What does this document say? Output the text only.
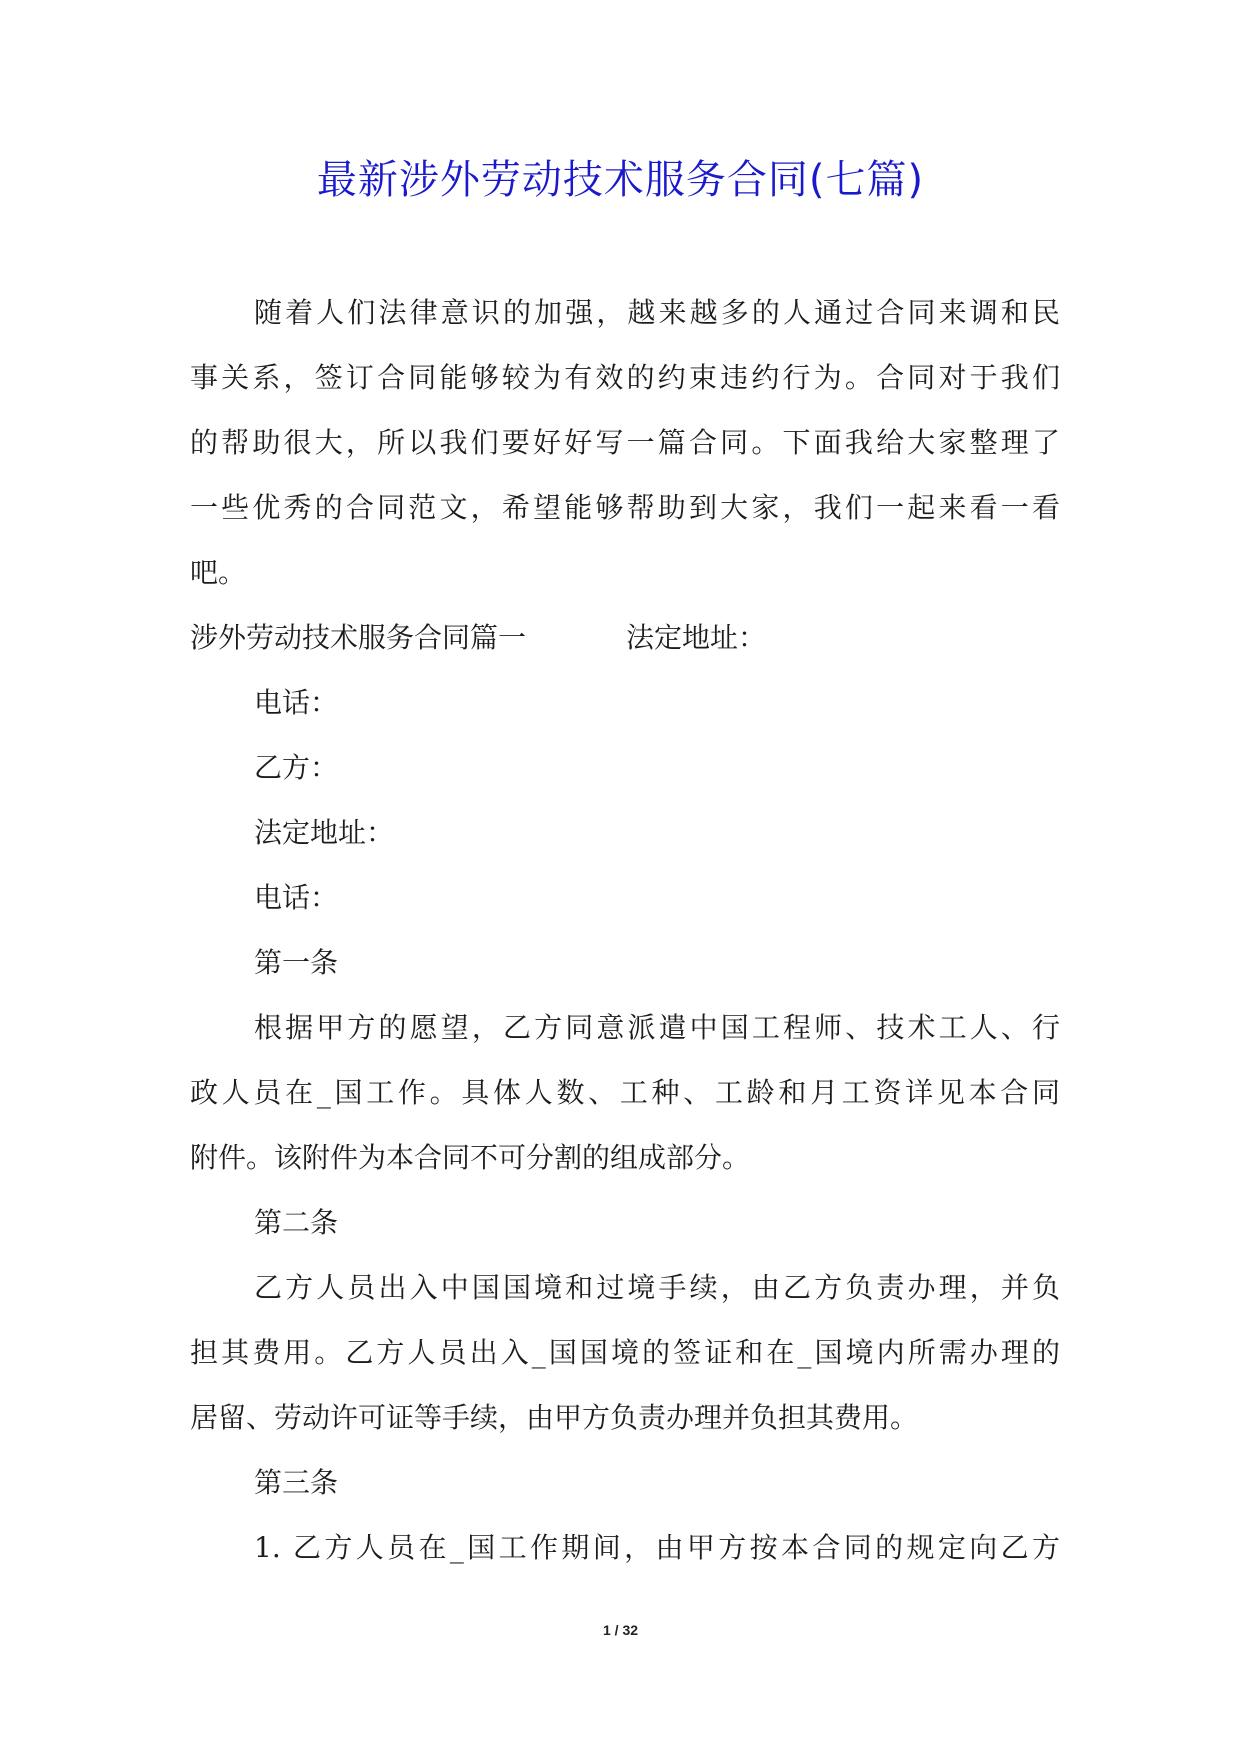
最新涉外劳动技术服务合同(七篇)
随着人们法律意识的加强，越来越多的人通过合同来调和民
事关系，签订合同能够较为有效的约束违约行为。合同对于我们
的帮助很大，所以我们要好好写一篇合同。下面我给大家整理了
一些优秀的合同范文，希望能够帮助到大家，我们一起来看一看
吧。
涉外劳动技术服务合同篇一	法定地址：
电话：
乙方：
法定地址：
电话：
第一条
根据甲方的愿望，乙方同意派遣中国工程师、技术工人、行
政人员在_国工作。具体人数、工种、工龄和月工资详见本合同
附件。该附件为本合同不可分割的组成部分。
第二条
乙方人员出入中国国境和过境手续，由乙方负责办理，并负
担其费用。乙方人员出入_国国境的签证和在_国境内所需办理的
居留、劳动许可证等手续，由甲方负责办理并负担其费用。
第三条
1. 乙方人员在_国工作期间，由甲方按本合同的规定向乙方
1 / 32
